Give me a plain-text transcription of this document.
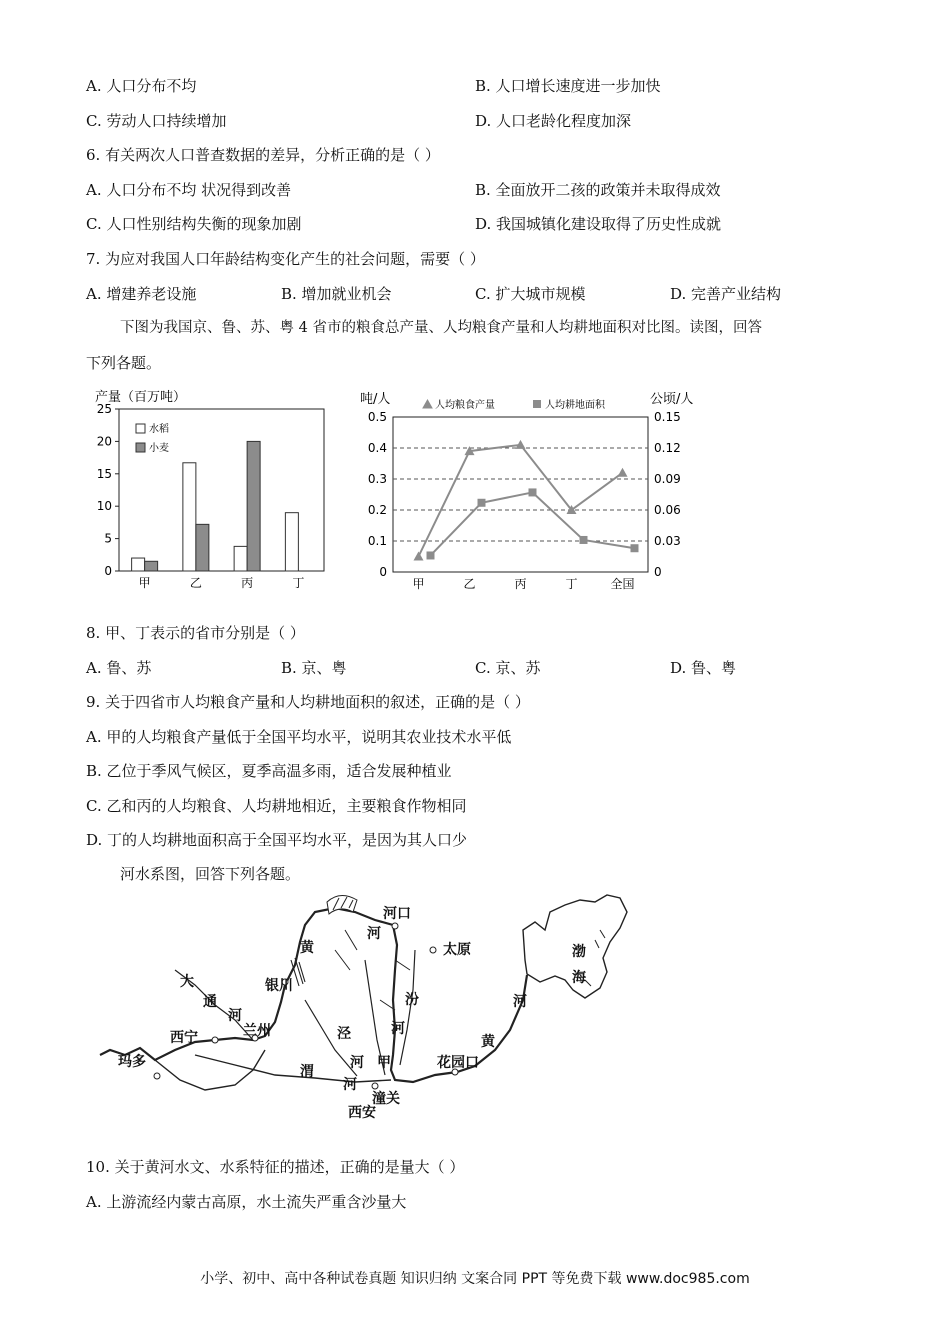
A. 人口分布不均	B. 人口增长速度进一步加快
C. 劳动人口持续增加	D. 人口老龄化程度加深
6. 有关两次人口普查数据的差异，分析正确的是（ ）
A. 人口分布不均 状况得到改善	B. 全面放开二孩的政策并未取得成效
C. 人口性别结构失衡的现象加剧	D. 我国城镇化建设取得了历史性成就
7. 为应对我国人口年龄结构变化产生的社会问题，需要（ ）
A. 增建养老设施	B. 增加就业机会	C. 扩大城市规模	D. 完善产业结构
下图为我国京、鲁、苏、粤 4 省市的粮食总产量、人均粮食产量和人均耕地面积对比图。读图，回答
下列各题。
产量（百万吨）
0
5
10
15
20
25
甲	乙	丙	丁
水稻
小麦
吨/人	公顷/人
人均粮食产量	人均耕地面积
0
0.1
0.2
0.3
0.4
0.5
0
0.03
0.06
0.09
0.12
0.15
甲	乙	丙	丁	全国
8. 甲、丁表示的省市分别是（ ）
A. 鲁、苏	B. 京、粤	C. 京、苏	D. 鲁、粤
9. 关于四省市人均粮食产量和人均耕地面积的叙述，正确的是（ ）
A. 甲的人均粮食产量低于全国平均水平，说明其农业技术水平低
B. 乙位于季风气候区，夏季高温多雨，适合发展种植业
C. 乙和丙的人均粮食、人均耕地相近，主要粮食作物相同
D. 丁的人均耕地面积高于全国平均水平，是因为其人口少
河水系图，回答下列各题。
河口
黄
河
银川
大
通
河
西宁	兰州
玛多
泾
河
汾
河
太原
渭
河
甲
潼关
西安
花园口
黄
河
渤
海
10. 关于黄河水文、水系特征的描述，正确的是量大（ ）
A. 上游流经内蒙古高原，水土流失严重含沙量大
小学、初中、高中各种试卷真题 知识归纳 文案合同 PPT 等免费下载 www.doc985.com
